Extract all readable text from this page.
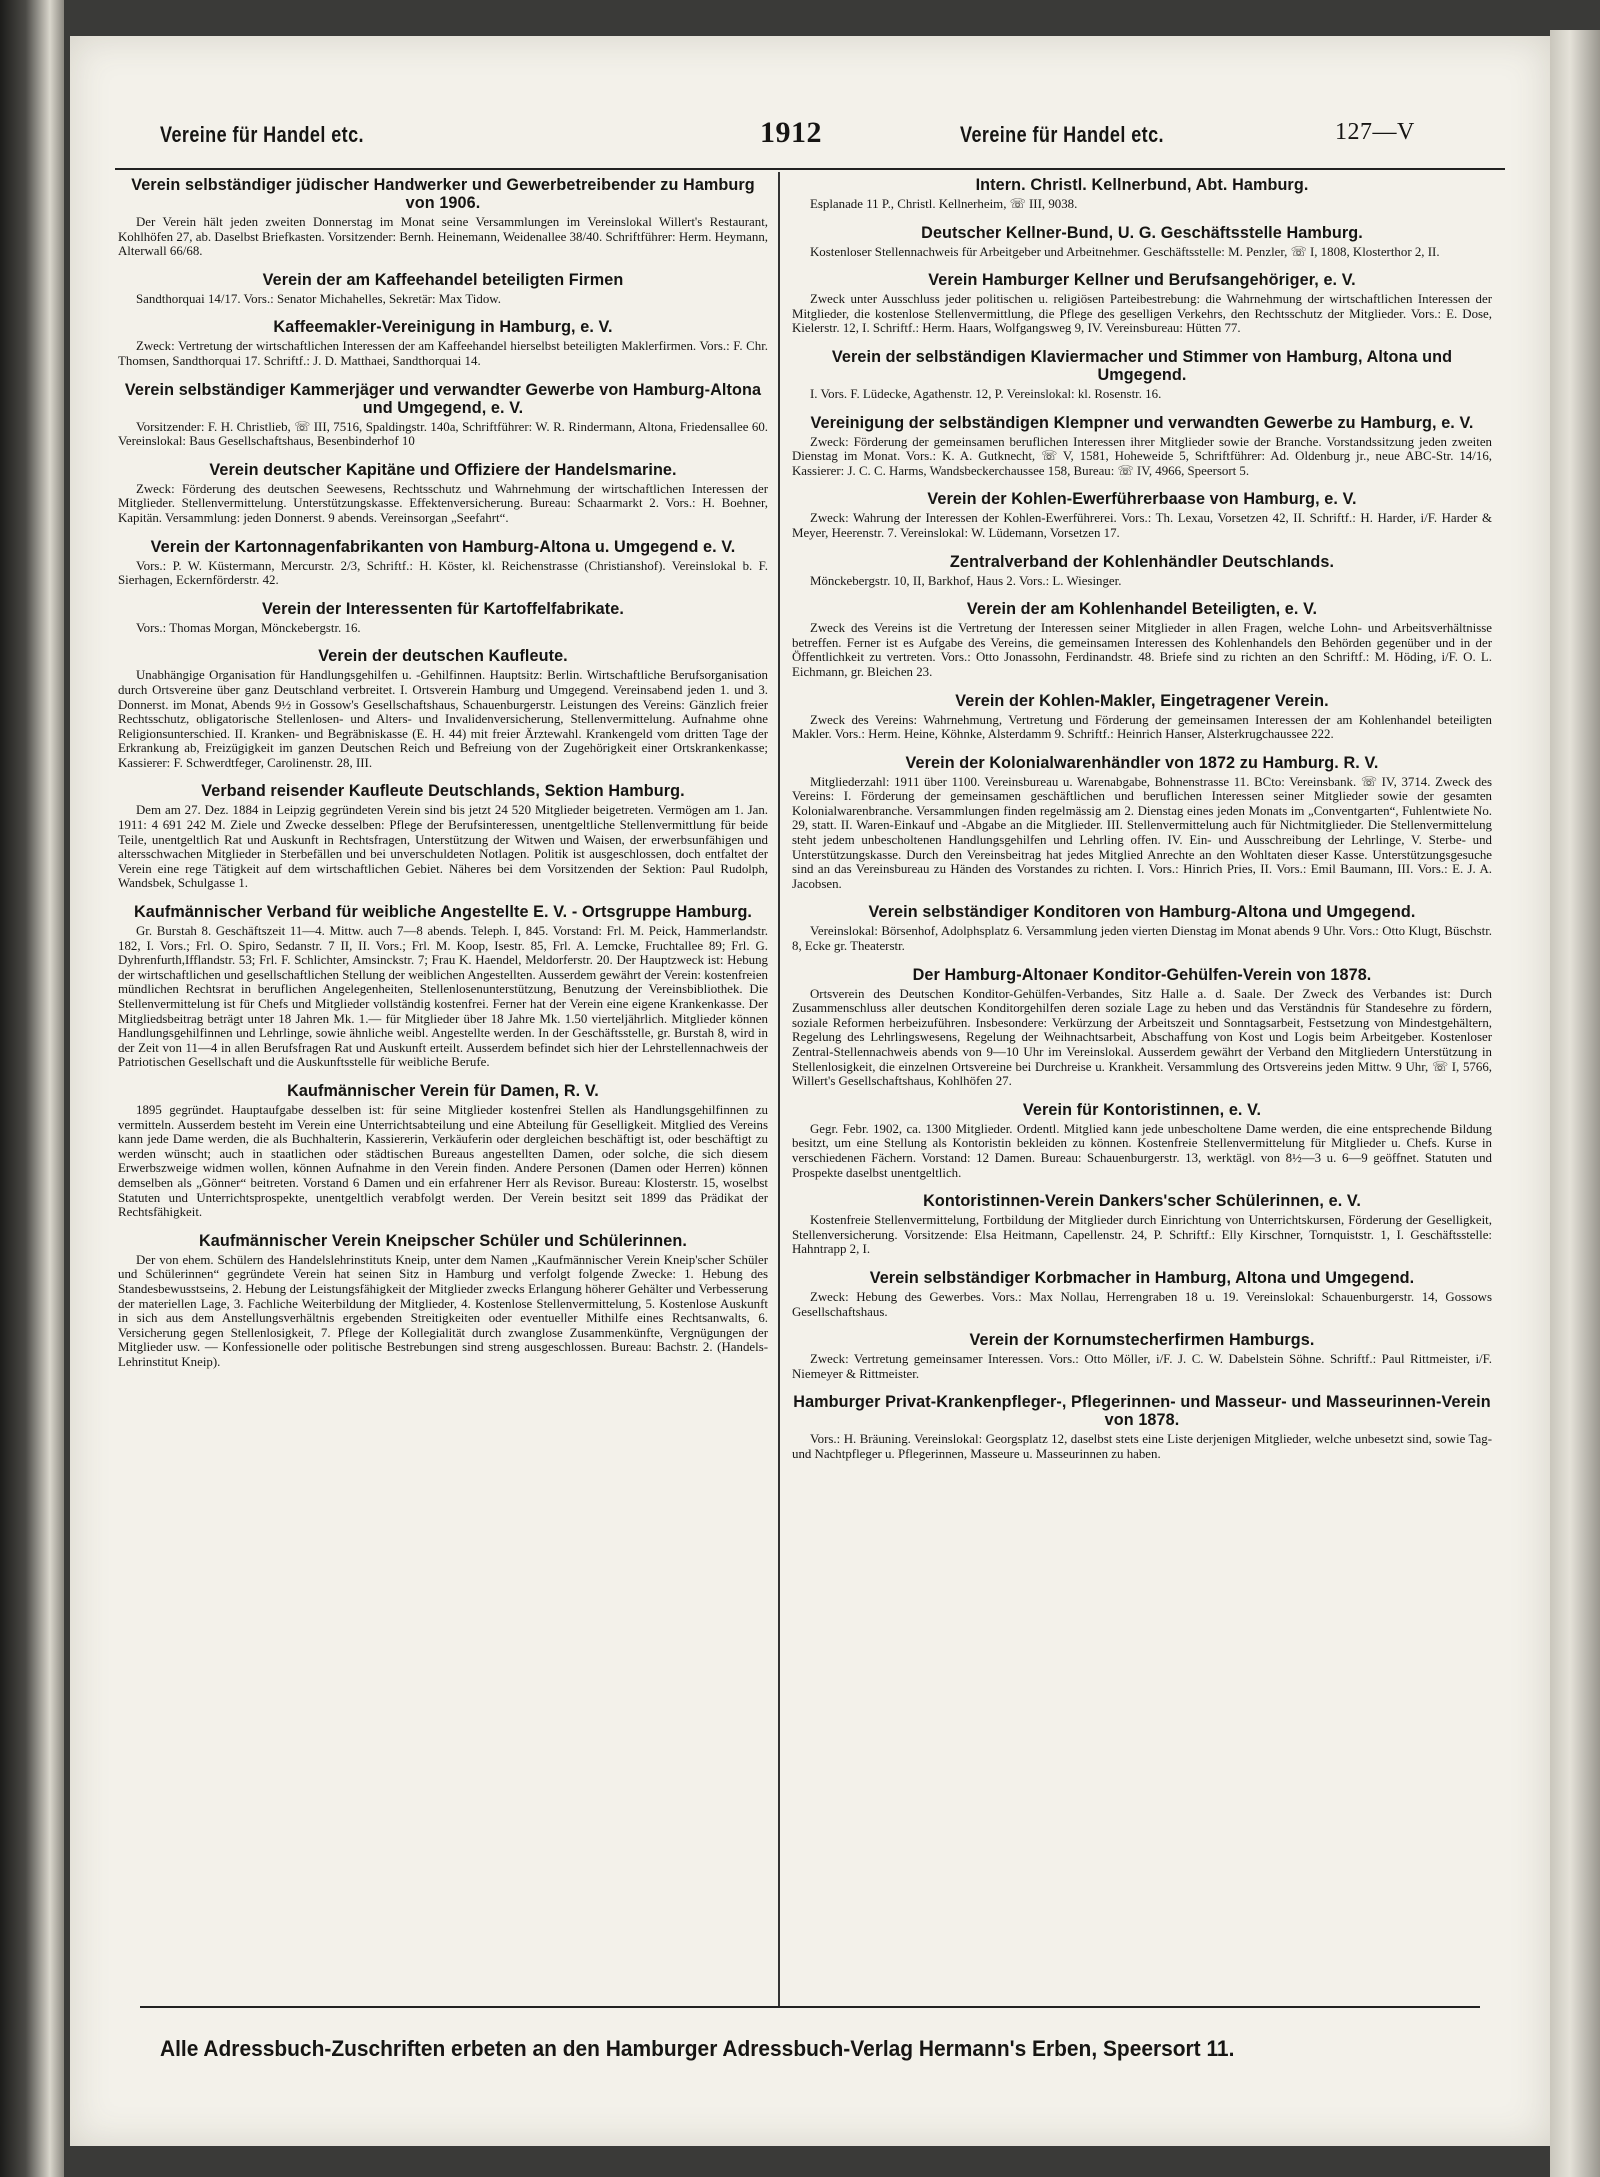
Vereine für Handel etc.	1912	Vereine für Handel etc.	127—V
Verein selbständiger jüdischer Handwerker und Gewerbetreibender zu Hamburg von 1906.

Der Verein hält jeden zweiten Donnerstag im Monat seine Versammlungen im Vereinslokal Willert's Restaurant, Kohlhöfen 27, ab. Daselbst Briefkasten. Vorsitzender: Bernh. Heinemann, Weidenallee 38/40. Schriftführer: Herm. Heymann, Alterwall 66/68.

Verein der am Kaffeehandel beteiligten Firmen

Sandthorquai 14/17. Vors.: Senator Michahelles, Sekretär: Max Tidow.

Kaffeemakler-Vereinigung in Hamburg, e. V.

Zweck: Vertretung der wirtschaftlichen Interessen der am Kaffeehandel hierselbst beteiligten Maklerfirmen. Vors.: F. Chr. Thomsen, Sandthorquai 17. Schriftf.: J. D. Matthaei, Sandthorquai 14.

Verein selbständiger Kammerjäger und verwandter Gewerbe von Hamburg-Altona und Umgegend, e. V.

Vorsitzender: F. H. Christlieb, ☏ III, 7516, Spaldingstr. 140a, Schriftführer: W. R. Rindermann, Altona, Friedensallee 60. Vereinslokal: Baus Gesellschaftshaus, Besenbinderhof 10

Verein deutscher Kapitäne und Offiziere der Handelsmarine.

Zweck: Förderung des deutschen Seewesens, Rechtsschutz und Wahrnehmung der wirtschaftlichen Interessen der Mitglieder. Stellenvermittelung. Unterstützungskasse. Effektenversicherung. Bureau: Schaarmarkt 2. Vors.: H. Boehner, Kapitän. Versammlung: jeden Donnerst. 9 abends. Vereinsorgan „Seefahrt“.

Verein der Kartonnagenfabrikanten von Hamburg-Altona u. Umgegend e. V.

Vors.: P. W. Küstermann, Mercurstr. 2/3, Schriftf.: H. Köster, kl. Reichenstrasse (Christianshof). Vereinslokal b. F. Sierhagen, Eckernförderstr. 42.

Verein der Interessenten für Kartoffelfabrikate.

Vors.: Thomas Morgan, Mönckebergstr. 16.

Verein der deutschen Kaufleute.

Unabhängige Organisation für Handlungsgehilfen u. -Gehilfinnen. Hauptsitz: Berlin. Wirtschaftliche Berufsorganisation durch Ortsvereine über ganz Deutschland verbreitet. I. Ortsverein Hamburg und Umgegend. Vereinsabend jeden 1. und 3. Donnerst. im Monat, Abends 9½ in Gossow's Gesellschaftshaus, Schauenburgerstr. Leistungen des Vereins: Gänzlich freier Rechtsschutz, obligatorische Stellenlosen- und Alters- und Invalidenversicherung, Stellenvermittelung. Aufnahme ohne Religionsunterschied. II. Kranken- und Begräbniskasse (E. H. 44) mit freier Ärztewahl. Krankengeld vom dritten Tage der Erkrankung ab, Freizügigkeit im ganzen Deutschen Reich und Befreiung von der Zugehörigkeit einer Ortskrankenkasse; Kassierer: F. Schwerdtfeger, Carolinenstr. 28, III.

Verband reisender Kaufleute Deutschlands, Sektion Hamburg.

Dem am 27. Dez. 1884 in Leipzig gegründeten Verein sind bis jetzt 24 520 Mitglieder beigetreten. Vermögen am 1. Jan. 1911: 4 691 242 M. Ziele und Zwecke desselben: Pflege der Berufsinteressen, unentgeltliche Stellenvermittlung für beide Teile, unentgeltlich Rat und Auskunft in Rechtsfragen, Unterstützung der Witwen und Waisen, der erwerbsunfähigen und altersschwachen Mitglieder in Sterbefällen und bei unverschuldeten Notlagen. Politik ist ausgeschlossen, doch entfaltet der Verein eine rege Tätigkeit auf dem wirtschaftlichen Gebiet. Näheres bei dem Vorsitzenden der Sektion: Paul Rudolph, Wandsbek, Schulgasse 1.

Kaufmännischer Verband für weibliche Angestellte E. V. - Ortsgruppe Hamburg.

Gr. Burstah 8. Geschäftszeit 11—4. Mittw. auch 7—8 abends. Teleph. I, 845. Vorstand: Frl. M. Peick, Hammerlandstr. 182, I. Vors.; Frl. O. Spiro, Sedanstr. 7 II, II. Vors.; Frl. M. Koop, Isestr. 85, Frl. A. Lemcke, Fruchtallee 89; Frl. G. Dyhrenfurth,Ifflandstr. 53; Frl. F. Schlichter, Amsinckstr. 7; Frau K. Haendel, Meldorferstr. 20. Der Hauptzweck ist: Hebung der wirtschaftlichen und gesellschaftlichen Stellung der weiblichen Angestellten. Ausserdem gewährt der Verein: kostenfreien mündlichen Rechtsrat in beruflichen Angelegenheiten, Stellenlosenunterstützung, Benutzung der Vereinsbibliothek. Die Stellenvermittelung ist für Chefs und Mitglieder vollständig kostenfrei. Ferner hat der Verein eine eigene Krankenkasse. Der Mitgliedsbeitrag beträgt unter 18 Jahren Mk. 1.— für Mitglieder über 18 Jahre Mk. 1.50 vierteljährlich. Mitglieder können Handlungsgehilfinnen und Lehrlinge, sowie ähnliche weibl. Angestellte werden. In der Geschäftsstelle, gr. Burstah 8, wird in der Zeit von 11—4 in allen Berufsfragen Rat und Auskunft erteilt. Ausserdem befindet sich hier der Lehrstellennachweis der Patriotischen Gesellschaft und die Auskunftsstelle für weibliche Berufe.

Kaufmännischer Verein für Damen, R. V.

1895 gegründet. Hauptaufgabe desselben ist: für seine Mitglieder kostenfrei Stellen als Handlungsgehilfinnen zu vermitteln. Ausserdem besteht im Verein eine Unterrichtsabteilung und eine Abteilung für Geselligkeit. Mitglied des Vereins kann jede Dame werden, die als Buchhalterin, Kassiererin, Verkäuferin oder dergleichen beschäftigt ist, oder beschäftigt zu werden wünscht; auch in staatlichen oder städtischen Bureaus angestellten Damen, oder solche, die sich diesem Erwerbszweige widmen wollen, können Aufnahme in den Verein finden. Andere Personen (Damen oder Herren) können demselben als „Gönner“ beitreten. Vorstand 6 Damen und ein erfahrener Herr als Revisor. Bureau: Klosterstr. 15, woselbst Statuten und Unterrichtsprospekte, unentgeltlich verabfolgt werden. Der Verein besitzt seit 1899 das Prädikat der Rechtsfähigkeit.

Kaufmännischer Verein Kneipscher Schüler und Schülerinnen.

Der von ehem. Schülern des Handelslehrinstituts Kneip, unter dem Namen „Kaufmännischer Verein Kneip'scher Schüler und Schülerinnen“ gegründete Verein hat seinen Sitz in Hamburg und verfolgt folgende Zwecke: 1. Hebung des Standesbewusstseins, 2. Hebung der Leistungsfähigkeit der Mitglieder zwecks Erlangung höherer Gehälter und Verbesserung der materiellen Lage, 3. Fachliche Weiterbildung der Mitglieder, 4. Kostenlose Stellenvermittelung, 5. Kostenlose Auskunft in sich aus dem Anstellungsverhältnis ergebenden Streitigkeiten oder eventueller Mithilfe eines Rechtsanwalts, 6. Versicherung gegen Stellenlosigkeit, 7. Pflege der Kollegialität durch zwanglose Zusammenkünfte, Vergnügungen der Mitglieder usw. — Konfessionelle oder politische Bestrebungen sind streng ausgeschlossen. Bureau: Bachstr. 2. (Handels-Lehrinstitut Kneip).

Intern. Christl. Kellnerbund, Abt. Hamburg.

Esplanade 11 P., Christl. Kellnerheim, ☏ III, 9038.

Deutscher Kellner-Bund, U. G. Geschäftsstelle Hamburg.

Kostenloser Stellennachweis für Arbeitgeber und Arbeitnehmer. Geschäftsstelle: M. Penzler, ☏ I, 1808, Klosterthor 2, II.

Verein Hamburger Kellner und Berufsangehöriger, e. V.

Zweck unter Ausschluss jeder politischen u. religiösen Parteibestrebung: die Wahrnehmung der wirtschaftlichen Interessen der Mitglieder, die kostenlose Stellenvermittlung, die Pflege des geselligen Verkehrs, den Rechtsschutz der Mitglieder. Vors.: E. Dose, Kielerstr. 12, I. Schriftf.: Herm. Haars, Wolfgangsweg 9, IV. Vereinsbureau: Hütten 77.

Verein der selbständigen Klaviermacher und Stimmer von Hamburg, Altona und Umgegend.

I. Vors. F. Lüdecke, Agathenstr. 12, P. Vereinslokal: kl. Rosenstr. 16.

Vereinigung der selbständigen Klempner und verwandten Gewerbe zu Hamburg, e. V.

Zweck: Förderung der gemeinsamen beruflichen Interessen ihrer Mitglieder sowie der Branche. Vorstandssitzung jeden zweiten Dienstag im Monat. Vors.: K. A. Gutknecht, ☏ V, 1581, Hoheweide 5, Schriftführer: Ad. Oldenburg jr., neue ABC-Str. 14/16, Kassierer: J. C. C. Harms, Wandsbeckerchaussee 158, Bureau: ☏ IV, 4966, Speersort 5.

Verein der Kohlen-Ewerführerbaase von Hamburg, e. V.

Zweck: Wahrung der Interessen der Kohlen-Ewerführerei. Vors.: Th. Lexau, Vorsetzen 42, II. Schriftf.: H. Harder, i/F. Harder & Meyer, Heerenstr. 7. Vereinslokal: W. Lüdemann, Vorsetzen 17.

Zentralverband der Kohlenhändler Deutschlands.

Mönckebergstr. 10, II, Barkhof, Haus 2. Vors.: L. Wiesinger.

Verein der am Kohlenhandel Beteiligten, e. V.

Zweck des Vereins ist die Vertretung der Interessen seiner Mitglieder in allen Fragen, welche Lohn- und Arbeitsverhältnisse betreffen. Ferner ist es Aufgabe des Vereins, die gemeinsamen Interessen des Kohlenhandels den Behörden gegenüber und in der Öffentlichkeit zu vertreten. Vors.: Otto Jonassohn, Ferdinandstr. 48. Briefe sind zu richten an den Schriftf.: M. Höding, i/F. O. L. Eichmann, gr. Bleichen 23.

Verein der Kohlen-Makler, Eingetragener Verein.

Zweck des Vereins: Wahrnehmung, Vertretung und Förderung der gemeinsamen Interessen der am Kohlenhandel beteiligten Makler. Vors.: Herm. Heine, Köhnke, Alsterdamm 9. Schriftf.: Heinrich Hanser, Alsterkrugchaussee 222.

Verein der Kolonialwarenhändler von 1872 zu Hamburg. R. V.

Mitgliederzahl: 1911 über 1100. Vereinsbureau u. Warenabgabe, Bohnenstrasse 11. BCto: Vereinsbank. ☏ IV, 3714. Zweck des Vereins: I. Förderung der gemeinsamen geschäftlichen und beruflichen Interessen seiner Mitglieder sowie der gesamten Kolonialwarenbranche. Versammlungen finden regelmässig am 2. Dienstag eines jeden Monats im „Conventgarten“, Fuhlentwiete No. 29, statt. II. Waren-Einkauf und -Abgabe an die Mitglieder. III. Stellenvermittelung auch für Nichtmitglieder. Die Stellenvermittelung steht jedem unbescholtenen Handlungsgehilfen und Lehrling offen. IV. Ein- und Ausschreibung der Lehrlinge, V. Sterbe- und Unterstützungskasse. Durch den Vereinsbeitrag hat jedes Mitglied Anrechte an den Wohltaten dieser Kasse. Unterstützungsgesuche sind an das Vereinsbureau zu Händen des Vorstandes zu richten. I. Vors.: Hinrich Pries, II. Vors.: Emil Baumann, III. Vors.: E. J. A. Jacobsen.

Verein selbständiger Konditoren von Hamburg-Altona und Umgegend.

Vereinslokal: Börsenhof, Adolphsplatz 6. Versammlung jeden vierten Dienstag im Monat abends 9 Uhr. Vors.: Otto Klugt, Büschstr. 8, Ecke gr. Theaterstr.

Der Hamburg-Altonaer Konditor-Gehülfen-Verein von 1878.

Ortsverein des Deutschen Konditor-Gehülfen-Verbandes, Sitz Halle a. d. Saale. Der Zweck des Verbandes ist: Durch Zusammenschluss aller deutschen Konditorgehilfen deren soziale Lage zu heben und das Verständnis für Standesehre zu fördern, soziale Reformen herbeizuführen. Insbesondere: Verkürzung der Arbeitszeit und Sonntagsarbeit, Festsetzung von Mindestgehältern, Regelung des Lehrlingswesens, Regelung der Weihnachtsarbeit, Abschaffung von Kost und Logis beim Arbeitgeber. Kostenloser Zentral-Stellennachweis abends von 9—10 Uhr im Vereinslokal. Ausserdem gewährt der Verband den Mitgliedern Unterstützung in Stellenlosigkeit, die einzelnen Ortsvereine bei Durchreise u. Krankheit. Versammlung des Ortsvereins jeden Mittw. 9 Uhr, ☏ I, 5766, Willert's Gesellschaftshaus, Kohlhöfen 27.

Verein für Kontoristinnen, e. V.

Gegr. Febr. 1902, ca. 1300 Mitglieder. Ordentl. Mitglied kann jede unbescholtene Dame werden, die eine entsprechende Bildung besitzt, um eine Stellung als Kontoristin bekleiden zu können. Kostenfreie Stellenvermittelung für Mitglieder u. Chefs. Kurse in verschiedenen Fächern. Vorstand: 12 Damen. Bureau: Schauenburgerstr. 13, werktägl. von 8½—3 u. 6—9 geöffnet. Statuten und Prospekte daselbst unentgeltlich.

Kontoristinnen-Verein Dankers'scher Schülerinnen, e. V.

Kostenfreie Stellenvermittelung, Fortbildung der Mitglieder durch Einrichtung von Unterrichtskursen, Förderung der Geselligkeit, Stellenversicherung. Vorsitzende: Elsa Heitmann, Capellenstr. 24, P. Schriftf.: Elly Kirschner, Tornquiststr. 1, I. Geschäftsstelle: Hahntrapp 2, I.

Verein selbständiger Korbmacher in Hamburg, Altona und Umgegend.

Zweck: Hebung des Gewerbes. Vors.: Max Nollau, Herrengraben 18 u. 19. Vereinslokal: Schauenburgerstr. 14, Gossows Gesellschaftshaus.

Verein der Kornumstecherfirmen Hamburgs.

Zweck: Vertretung gemeinsamer Interessen. Vors.: Otto Möller, i/F. J. C. W. Dabelstein Söhne. Schriftf.: Paul Rittmeister, i/F. Niemeyer & Rittmeister.

Hamburger Privat-Krankenpfleger-, Pflegerinnen- und Masseur- und Masseurinnen-Verein von 1878.

Vors.: H. Bräuning. Vereinslokal: Georgsplatz 12, daselbst stets eine Liste derjenigen Mitglieder, welche unbesetzt sind, sowie Tag- und Nachtpfleger u. Pflegerinnen, Masseure u. Masseurinnen zu haben.

Alle Adressbuch-Zuschriften erbeten an den Hamburger Adressbuch-Verlag Hermann's Erben, Speersort 11.
